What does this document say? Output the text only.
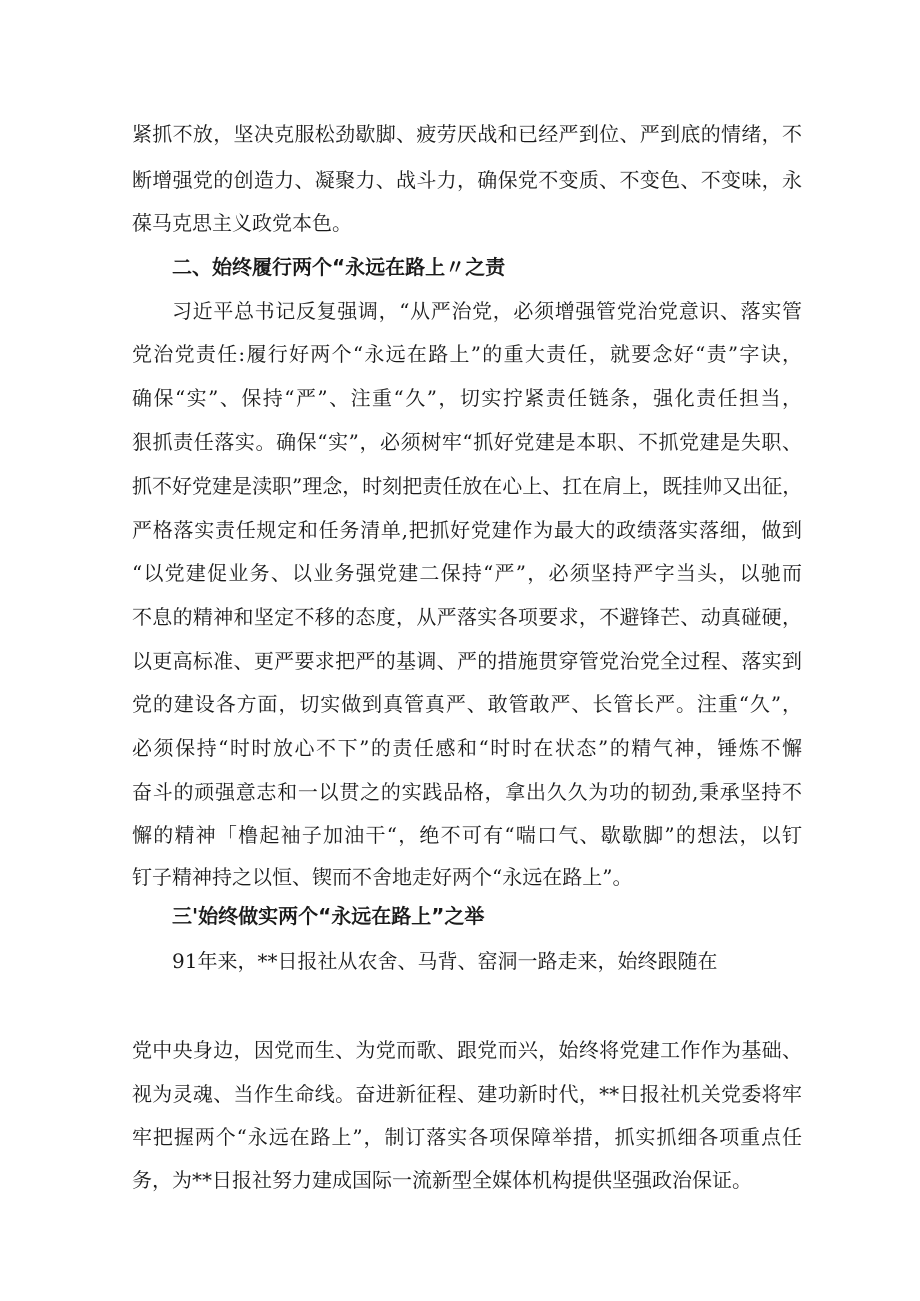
紧抓不放，坚决克服松劲歇脚、疲劳厌战和已经严到位、严到底的情绪，不
断增强党的创造力、凝聚力、战斗力，确保党不变质、不变色、不变味，永
葆马克思主义政党本色。
二、始终履行两个“永远在路上〃之责
习近平总书记反复强调，“从严治党，必须增强管党治党意识、落实管
党治党责任:履行好两个“永远在路上”的重大责任，就要念好“责”字诀，
确保“实”、保持“严”、注重“久”，切实拧紧责任链条，强化责任担当，
狠抓责任落实。确保“实”，必须树牢“抓好党建是本职、不抓党建是失职、
抓不好党建是渎职”理念，时刻把责任放在心上、扛在肩上，既挂帅又出征，
严格落实责任规定和任务清单,把抓好党建作为最大的政绩落实落细，做到
“以党建促业务、以业务强党建二保持“严”，必须坚持严字当头，以驰而
不息的精神和坚定不移的态度，从严落实各项要求，不避锋芒、动真碰硬，
以更高标准、更严要求把严的基调、严的措施贯穿管党治党全过程、落实到
党的建设各方面，切实做到真管真严、敢管敢严、长管长严。注重“久”，
必须保持“时时放心不下”的责任感和“时时在状态”的精气神，锤炼不懈
奋斗的顽强意志和一以贯之的实践品格，拿出久久为功的韧劲,秉承坚持不
懈的精神「橹起袖子加油干“，绝不可有“喘口气、歇歇脚”的想法，以钉
钉子精神持之以恒、锲而不舍地走好两个“永远在路上”。
三'始终做实两个“永远在路上”之举
91年来，**日报社从农舍、马背、窑洞一路走来，始终跟随在
党中央身边，因党而生、为党而歌、跟党而兴，始终将党建工作作为基础、
视为灵魂、当作生命线。奋进新征程、建功新时代，**日报社机关党委将牢
牢把握两个“永远在路上”，制订落实各项保障举措，抓实抓细各项重点任
务，为**日报社努力建成国际一流新型全媒体机构提供坚强政治保证。
